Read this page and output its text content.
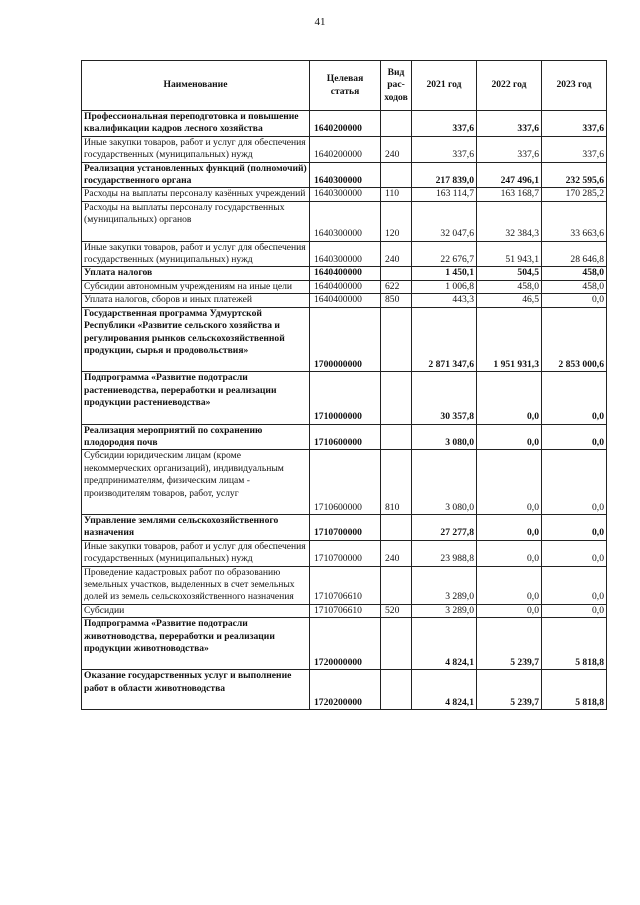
41
Наименование	Целевая статья	Вид рас-ходов	2021 год	2022 год	2023 год
Профессиональная переподготовка и повышение квалификации кадров лесного хозяйства	1640200000		337,6	337,6	337,6
Иные закупки товаров, работ и услуг для обеспечения государственных (муниципальных) нужд	1640200000	240	337,6	337,6	337,6
Реализация установленных функций (полномочий) государственного органа	1640300000		217 839,0	247 496,1	232 595,6
Расходы на выплаты персоналу казённых учреждений	1640300000	110	163 114,7	163 168,7	170 285,2
Расходы на выплаты персоналу государственных (муниципальных) органов	1640300000	120	32 047,6	32 384,3	33 663,6
Иные закупки товаров, работ и услуг для обеспечения государственных (муниципальных) нужд	1640300000	240	22 676,7	51 943,1	28 646,8
Уплата налогов	1640400000		1 450,1	504,5	458,0
Субсидии автономным учреждениям на иные цели	1640400000	622	1 006,8	458,0	458,0
Уплата налогов, сборов и иных платежей	1640400000	850	443,3	46,5	0,0
Государственная программа Удмуртской Республики «Развитие сельского хозяйства и регулирования рынков сельскохозяйственной продукции, сырья и продовольствия»	1700000000		2 871 347,6	1 951 931,3	2 853 000,6
Подпрограмма «Развитие подотрасли растениеводства, переработки и реализации продукции растениеводства»	1710000000		30 357,8	0,0	0,0
Реализация мероприятий по сохранению плодородия почв	1710600000		3 080,0	0,0	0,0
Субсидии юридическим лицам (кроме некоммерческих организаций), индивидуальным предпринимателям, физическим лицам - производителям товаров, работ, услуг	1710600000	810	3 080,0	0,0	0,0
Управление землями сельскохозяйственного назначения	1710700000		27 277,8	0,0	0,0
Иные закупки товаров, работ и услуг для обеспечения государственных (муниципальных) нужд	1710700000	240	23 988,8	0,0	0,0
Проведение кадастровых работ по образованию земельных участков, выделенных в счет земельных долей из земель сельскохозяйственного назначения	1710706610		3 289,0	0,0	0,0
Субсидии	1710706610	520	3 289,0	0,0	0,0
Подпрограмма «Развитие подотрасли животноводства, переработки и реализации продукции животноводства»	1720000000		4 824,1	5 239,7	5 818,8
Оказание государственных услуг и выполнение работ в области животноводства	1720200000		4 824,1	5 239,7	5 818,8
